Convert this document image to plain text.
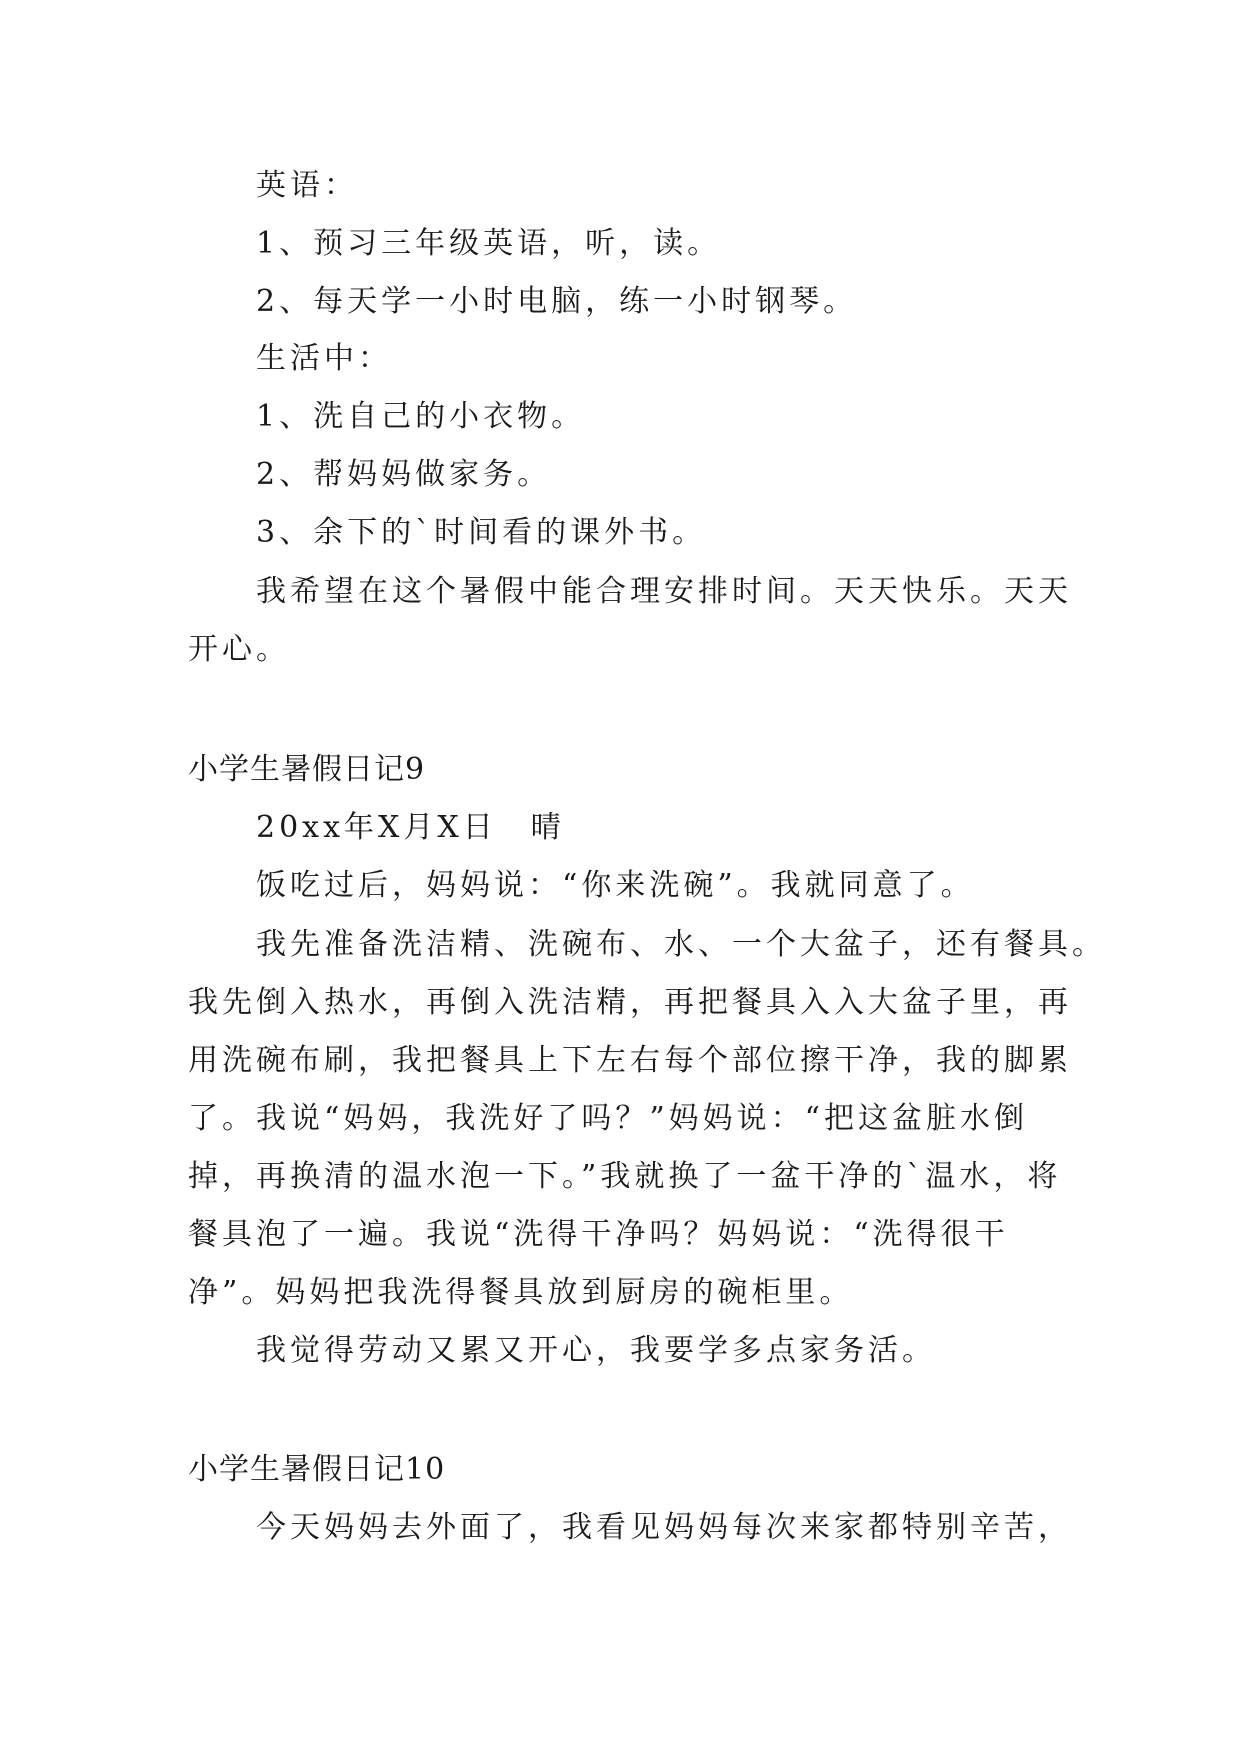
英语：
1、预习三年级英语，听，读。
2、每天学一小时电脑，练一小时钢琴。
生活中：
1、洗自己的小衣物。
2、帮妈妈做家务。
3、余下的`时间看的课外书。
我希望在这个暑假中能合理安排时间。天天快乐。天天
开心。
小学生暑假日记9
20xx年X月X日　晴
饭吃过后，妈妈说：“你来洗碗”。我就同意了。
我先准备洗洁精、洗碗布、水、一个大盆子，还有餐具。
我先倒入热水，再倒入洗洁精，再把餐具入入大盆子里，再
用洗碗布刷，我把餐具上下左右每个部位擦干净，我的脚累
了。我说“妈妈，我洗好了吗？”妈妈说：“把这盆脏水倒
掉，再换清的温水泡一下。”我就换了一盆干净的`温水，将
餐具泡了一遍。我说“洗得干净吗？妈妈说：“洗得很干
净”。妈妈把我洗得餐具放到厨房的碗柜里。
我觉得劳动又累又开心，我要学多点家务活。
小学生暑假日记10
今天妈妈去外面了，我看见妈妈每次来家都特别辛苦，
